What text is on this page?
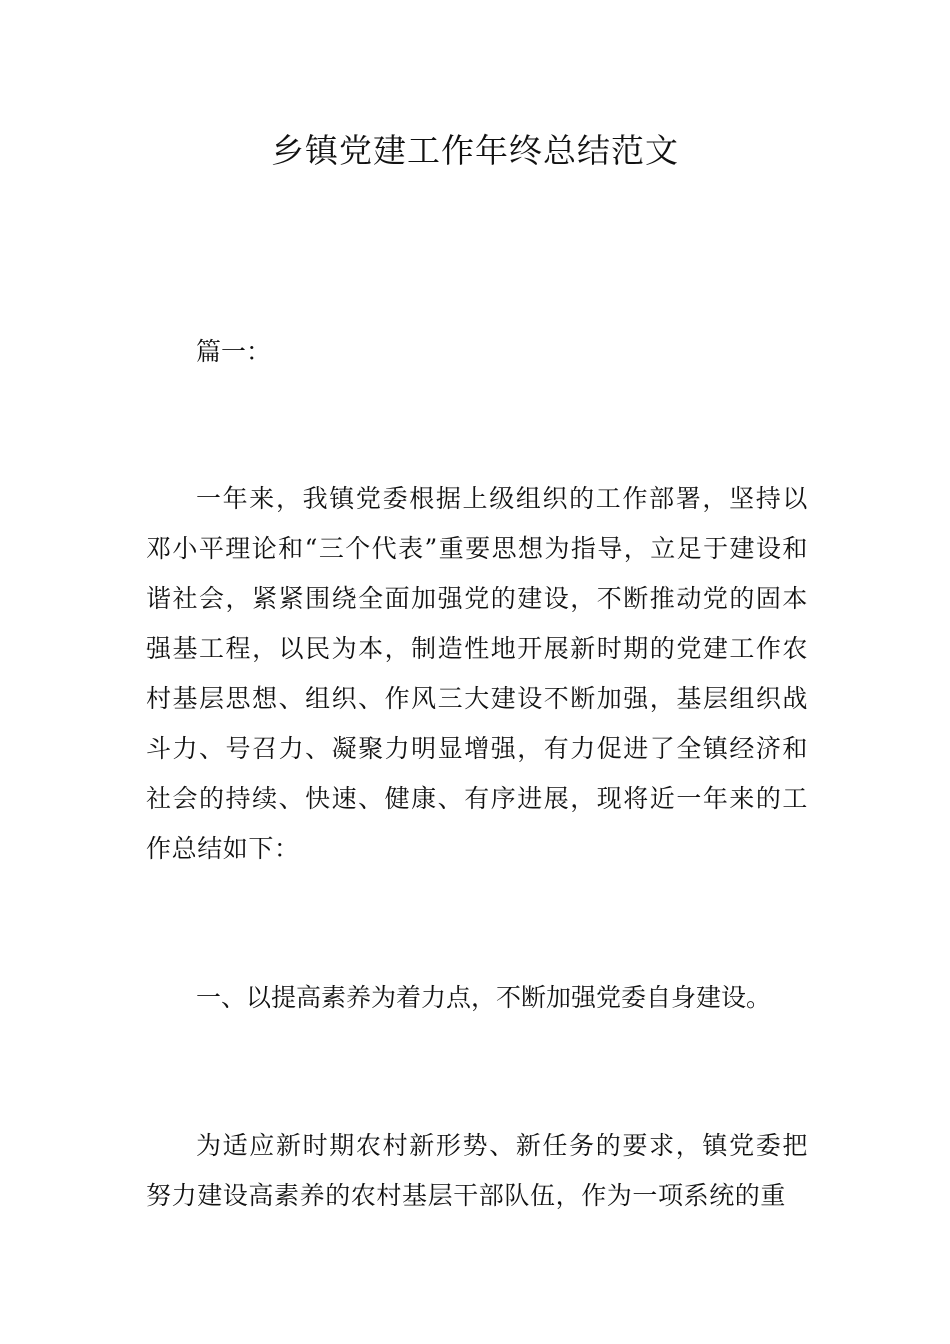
乡镇党建工作年终总结范文

篇一：

一年来，我镇党委根据上级组织的工作部署，坚持以邓小平理论和“三个代表”重要思想为指导，立足于建设和谐社会，紧紧围绕全面加强党的建设，不断推动党的固本强基工程，以民为本，制造性地开展新时期的党建工作农村基层思想、组织、作风三大建设不断加强，基层组织战斗力、号召力、凝聚力明显增强，有力促进了全镇经济和社会的持续、快速、健康、有序进展，现将近一年来的工作总结如下：

一、以提高素养为着力点，不断加强党委自身建设。

为适应新时期农村新形势、新任务的要求，镇党委把努力建设高素养的农村基层干部队伍，作为一项系统的重
